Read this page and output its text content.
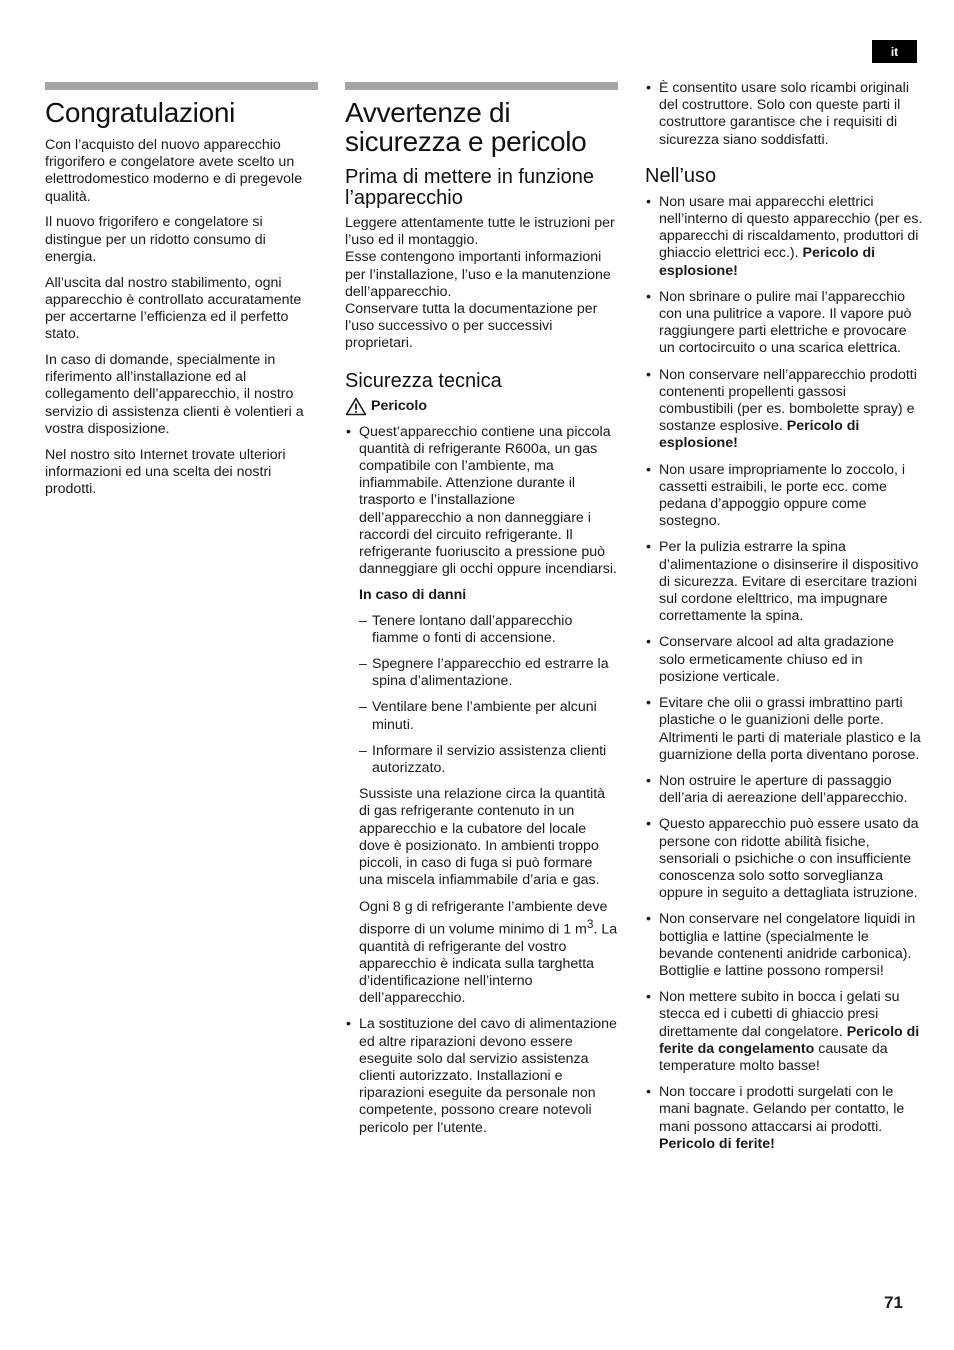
it
Congratulazioni

Con l’acquisto del nuovo apparecchio frigorifero e congelatore avete scelto un elettrodomestico moderno e di pregevole qualità.

Il nuovo frigorifero e congelatore si distingue per un ridotto consumo di energia.

All’uscita dal nostro stabilimento, ogni apparecchio è controllato accuratamente per accertarne l’efficienza ed il perfetto stato.

In caso di domande, specialmente in riferimento all’installazione ed al collegamento dell’apparecchio, il nostro servizio di assistenza clienti è volentieri a vostra disposizione.

Nel nostro sito Internet trovate ulteriori informazioni ed una scelta dei nostri prodotti.

Avvertenze di sicurezza e pericolo
Prima di mettere in funzione l’apparecchio

Leggere attentamente tutte le istruzioni per l’uso ed il montaggio.

Esse contengono importanti informazioni per l’installazione, l’uso e la manutenzione dell’apparecchio.

Conservare tutta la documentazione per l’uso successivo o per successivi proprietari.

Sicurezza tecnica
Pericolo
• Quest’apparecchio contiene una piccola quantità di refrigerante R600a, un gas compatibile con l’ambiente, ma infiammabile. Attenzione durante il trasporto e l’installazione dell’apparecchio a non danneggiare i raccordi del circuito refrigerante. Il refrigerante fuoriuscito a pressione può danneggiare gli occhi oppure incendiarsi.
In caso di danni
– Tenere lontano dall’apparecchio fiamme o fonti di accensione.
– Spegnere l’apparecchio ed estrarre la spina d’alimentazione.
– Ventilare bene l’ambiente per alcuni minuti.
– Informare il servizio assistenza clienti autorizzato.
Sussiste una relazione circa la quantità di gas refrigerante contenuto in un apparecchio e la cubatore del locale dove è posizionato. In ambienti troppo piccoli, in caso di fuga si può formare una miscela infiammabile d’aria e gas.
Ogni 8 g di refrigerante l’ambiente deve disporre di un volume minimo di 1 $m^3$. La quantità di refrigerante del vostro apparecchio è indicata sulla targhetta d’identificazione nell’interno dell’apparecchio.
• La sostituzione del cavo di alimentazione ed altre riparazioni devono essere eseguite solo dal servizio assistenza clienti autorizzato. Installazioni e riparazioni eseguite da personale non competente, possono creare notevoli pericolo per l’utente.
• È consentito usare solo ricambi originali del costruttore. Solo con queste parti il costruttore garantisce che i requisiti di sicurezza siano soddisfatti.
Nell’uso
• Non usare mai apparecchi elettrici nell’interno di questo apparecchio (per es. apparecchi di riscaldamento, produttori di ghiaccio elettrici ecc.). Pericolo di esplosione!
• Non sbrinare o pulire mai l’apparecchio con una pulitrice a vapore. Il vapore può raggiungere parti elettriche e provocare un cortocircuito o una scarica elettrica.
• Non conservare nell’apparecchio prodotti contenenti propellenti gassosi combustibili (per es. bombolette spray) e sostanze esplosive. Pericolo di esplosione!
• Non usare impropriamente lo zoccolo, i cassetti estraibili, le porte ecc. come pedana d’appoggio oppure come sostegno.
• Per la pulizia estrarre la spina d’alimentazione o disinserire il dispositivo di sicurezza. Evitare di esercitare trazioni sul cordone elelttrico, ma impugnare correttamente la spina.
• Conservare alcool ad alta gradazione solo ermeticamente chiuso ed in posizione verticale.
• Evitare che olii o grassi imbrattino parti plastiche o le guanizioni delle porte. Altrimenti le parti di materiale plastico e la guarnizione della porta diventano porose.
• Non ostruire le aperture di passaggio dell’aria di aereazione dell’apparecchio.
• Questo apparecchio può essere usato da persone con ridotte abilità fisiche, sensoriali o psichiche o con insufficiente conoscenza solo sotto sorveglianza oppure in seguito a dettagliata istruzione.
• Non conservare nel congelatore liquidi in bottiglia e lattine (specialmente le bevande contenenti anidride carbonica). Bottiglie e lattine possono rompersi!
• Non mettere subito in bocca i gelati su stecca ed i cubetti di ghiaccio presi direttamente dal congelatore. Pericolo di ferite da congelamento causate da temperature molto basse!
• Non toccare i prodotti surgelati con le mani bagnate. Gelando per contatto, le mani possono attaccarsi ai prodotti. Pericolo di ferite!
71
